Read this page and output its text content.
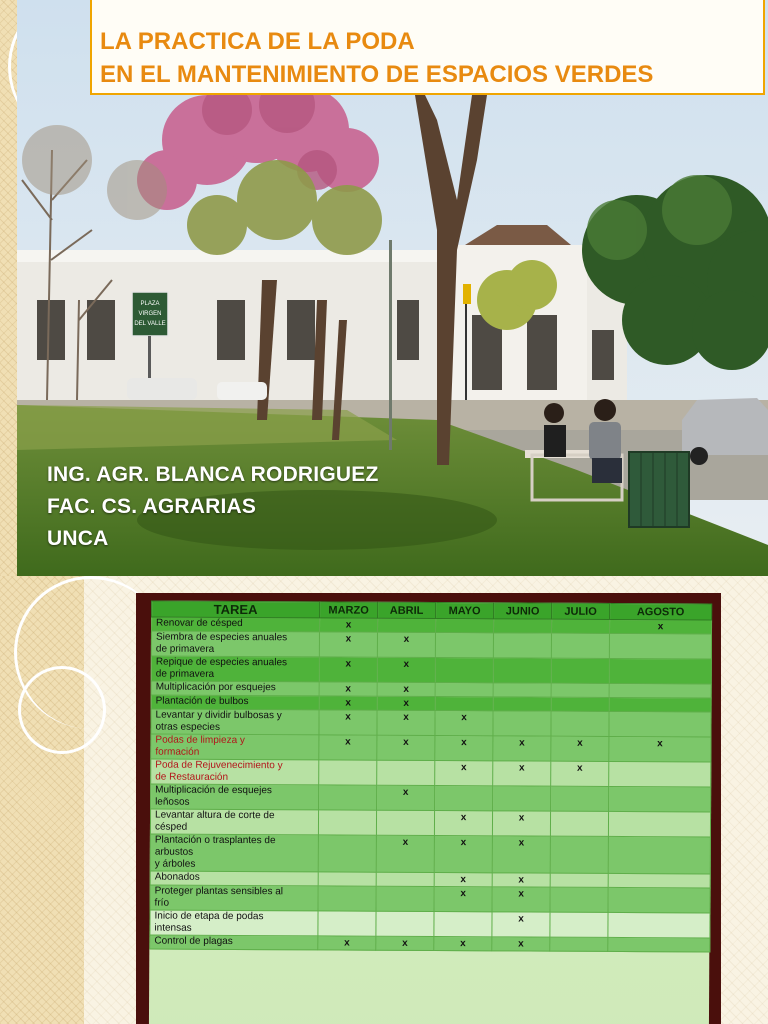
PLAZA
VIRGEN
DEL VALLE

LA PRACTICA DE LA PODA

EN EL MANTENIMIENTO DE ESPACIOS VERDES

ING. AGR. BLANCA RODRIGUEZ

FAC. CS. AGRARIAS

UNCA

TAREA	MARZO	ABRIL	MAYO	JUNIO	JULIO	AGOSTO

Renovar de césped	x					x

Siembra de especies anuales
de primavera	x	x				

Repique de especies anuales
de primavera	x	x				

Multiplicación por esquejes	x	x				

Plantación de bulbos	x	x				

Levantar y dividir bulbosas y
otras especies	x	x	x			

Podas de limpieza y
formación	x	x	x	x	x	x

Poda de Rejuvenecimiento y
de Restauración			x	x	x	

Multiplicación de esquejes
leñosos		x				

Levantar altura de corte de
césped			x	x		

Plantación o trasplantes de
arbustos
y árboles		x	x	x		

Abonados			x	x		

Proteger plantas sensibles al
frío			x	x		

Inicio de etapa de podas
intensas				x		

Control de plagas	x	x	x	x		
